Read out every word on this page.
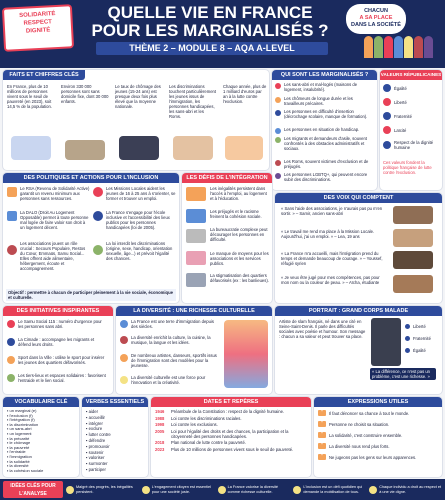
SOLIDARITÉ
RESPECT
DIGNITÉ
QUELLE VIE EN FRANCE
POUR LES MARGINALISÉS ?
THÈME 2 – MODULE 8 – AQA A-LEVEL
CHACUN
A SA PLACE
DANS LA SOCIÉTÉ
FAITS ET CHIFFRES CLÉS
En France, plus de 10 millions de personnes vivent sous le seuil de pauvreté (en 2023), soit 14,5 % de la population.
Environ 330 000 personnes sont sans domicile fixe, dont 30 000 enfants.
Le taux de chômage des jeunes (15-24 ans) est presque deux fois plus élevé que la moyenne nationale.
Les discriminations touchent particulièrement les jeunes issus de l'immigration, les personnes handicapées, les sans-abri et les Roms.
Chaque année, plus de 1 milliard d'euros par an à la lutte contre l'exclusion.
QUI SONT LES MARGINALISÉS ?
Les sans-abri et mal-logés (maisons de logement, insalubrité).
Les chômeurs de longue durée et les travailleurs précaires.
Les personnes en difficulté d'insertion (décrochage scolaire, manque de formation).
Les personnes en situation de handicap.
Les migrants et demandeurs d'asile, souvent confrontés à des obstacles administratifs et sociaux.
Les Roms, souvent victimes d'exclusion et de préjugés.
Les personnes LGBTQ+, qui peuvent encore subir des discriminations.
VALEURS RÉPUBLICAINES
Égalité
Liberté
Fraternité
Laïcité
Respect de la dignité humaine
Ces valeurs fondent la politique française de lutte contre l'exclusion.
DES POLITIQUES ET ACTIONS POUR L'INCLUSION
Le RSA (Revenu de Solidarité Active) garantit un revenu minimum aux personnes sans ressources.
Les Missions Locales aident les jeunes de 16 à 25 ans à s'orienter, se former et trouver un emploi.
La DALO (Droit Au Logement Opposable) permet à toute personne mal logée de faire valoir son droit à un logement décent.
La France s'engage pour l'école inclusive et l'accessibilité des lieux publics pour les personnes handicapées (loi de 2005).
Les associations jouent un rôle crucial : Secours Populaire, Restos du Cœur, Emmaüs, Samu Social... Elles offrent aide alimentaire, hébergement, écoute et accompagnement.
La loi interdit les discriminations (origine, sexe, handicap, orientation sexuelle, âge...) et prévoit l'égalité des chances.
Objectif : permettre à chacun de participer pleinement à la vie sociale, économique et culturelle.
LES DÉFIS DE L'INTÉGRATION
Les inégalités persistent dans l'accès à l'emploi, au logement et à l'éducation.
Les préjugés et le racisme freinent la cohésion sociale.
La bureaucratie complexe peut décourager les personnes en difficulté.
Le manque de moyens pour les associations et les services publics.
La stigmatisation des quartiers défavorisés (ex : les banlieues).
DES VOIX QUI COMPTENT
« Sans l'aide des associations, je n'aurais pas pu m'en sortir. » – Samir, ancien sans-abri
« Le travail me rend ma place à la Mission Locale. Aujourd'hui, j'ai un emploi. » – Lea, 19 ans
« La France m'a accueilli, mais l'intégration prend du temps et demande beaucoup de courage. » – Youssef, réfugié syrien
« Je veux être jugé pour mes compétences, pas pour mon nom ou la couleur de peau. » – Aïcha, étudiante
DES INITIATIVES INSPIRANTES
Le Samu Social 115 : numéro d'urgence pour les personnes sans abri.
La Cimade : accompagne les migrants et défend leurs droits.
Sport dans la Ville : utilise le sport pour insérer les jeunes des quartiers défavorisés.
Les tiers-lieux et espaces solidaires : favorisent l'entraide et le lien social.
LA DIVERSITÉ : UNE RICHESSE CULTURELLE
La France est une terre d'immigration depuis des siècles.
La diversité enrichit la culture, la cuisine, la musique, la langue et les idées.
De nombreux artistes, danseurs, sportifs issus de l'immigration sont des modèles pour la jeunesse.
La diversité culturelle est une force pour l'innovation et la créativité.
PORTRAIT : GRAND CORPS MALADE
Artiste de slam français, né dans une cité en Seine-Saint-Denis. Il parle des difficultés sociales avec poésie et humour. Son message : chacun a sa valeur et peut trouver sa place.
« La différence, ce n'est pas un problème, c'est une richesse. »
Liberté
Fraternité
Égalité
VOCABULAIRE CLÉ
▪ un marginal (e)
▪ l'exclusion (f)
▪ l'intégration (f)
▪ la discrimination
▪ un sans-abri
▪ un logement
▪ la précarité
▪ le chômage
▪ la pauvreté
▪ l'entraide
▪ l'immigration
▪ la solidarité
▪ la diversité
▪ la cohésion sociale
VERBES ESSENTIELS
▪ aider
▪ accueillir
▪ intégrer
▪ exclure
▪ lutter contre
▪ défendre
▪ promouvoir
▪ soutenir
▪ valoriser
▪ surmonter
▪ participer
DATES ET REPÈRES
1946	Préambule de la Constitution : respect de la dignité humaine.
1988	Loi contre les discriminations raciales.
1998	Loi contre les exclusions.
2005	Loi pour l'égalité des droits et des chances, la participation et la citoyenneté des personnes handicapées.
2018	Plan national de lutte contre la pauvreté.
2023	Plus de 10 millions de personnes vivent sous le seuil de pauvreté.
EXPRESSIONS UTILES
“	Il faut dénoncer sa chance à tout le monde.
“	Personne ne choisit sa situation.
“	La solidarité, c'est construire ensemble.
“	La diversité nous rend plus forts.
“	Ne jugeons pas les gens sur leurs apparences.
IDÉES CLÉS POUR L'ANALYSE
Malgré des progrès, les inégalités persistent.
L'engagement citoyen est essentiel pour une société juste.
La France valorise la diversité comme richesse culturelle.
L'inclusion est un défi quotidien qui demande la mobilisation de tous.
Chaque individu a droit au respect et à une vie digne.
